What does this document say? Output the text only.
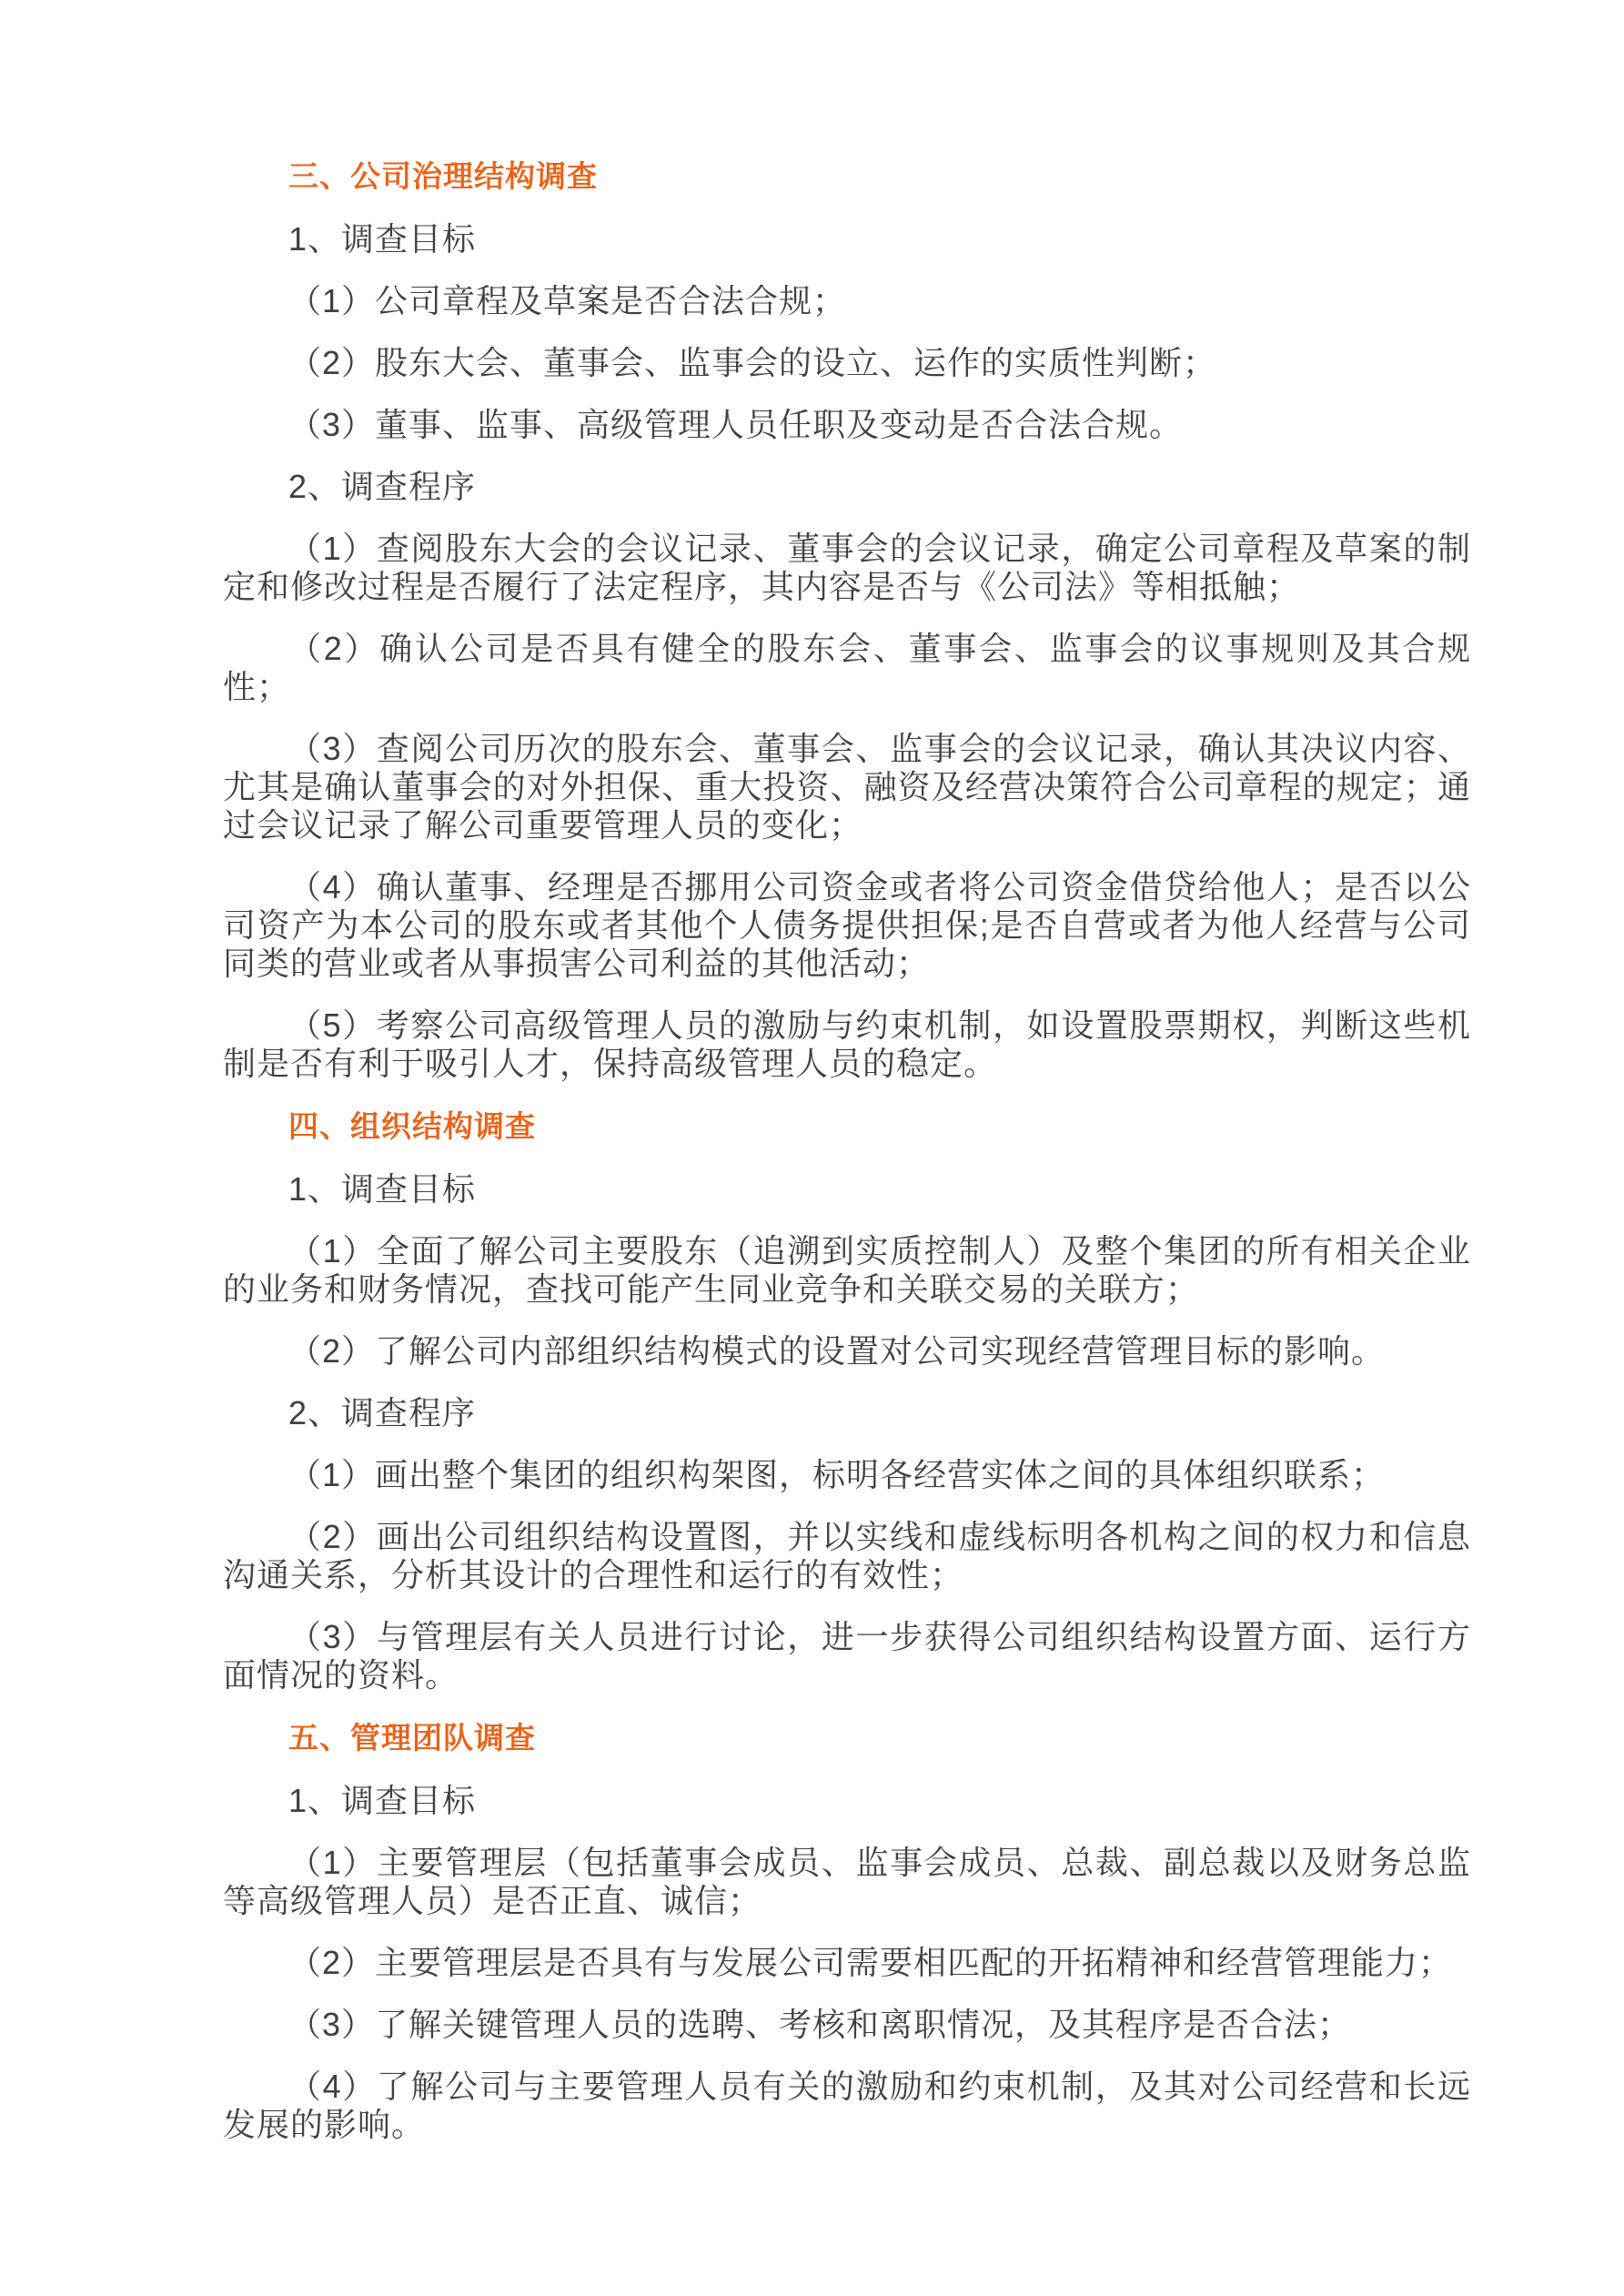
三、公司治理结构调查

1、调查目标

（1）公司章程及草案是否合法合规；

（2）股东大会、董事会、监事会的设立、运作的实质性判断；

（3）董事、监事、高级管理人员任职及变动是否合法合规。

2、调查程序

（1）查阅股东大会的会议记录、董事会的会议记录，确定公司章程及草案的制定和修改过程是否履行了法定程序，其内容是否与《公司法》等相抵触；

（2）确认公司是否具有健全的股东会、董事会、监事会的议事规则及其合规性；

（3）查阅公司历次的股东会、董事会、监事会的会议记录，确认其决议内容、尤其是确认董事会的对外担保、重大投资、融资及经营决策符合公司章程的规定；通过会议记录了解公司重要管理人员的变化；

（4）确认董事、经理是否挪用公司资金或者将公司资金借贷给他人；是否以公司资产为本公司的股东或者其他个人债务提供担保;是否自营或者为他人经营与公司同类的营业或者从事损害公司利益的其他活动；

（5）考察公司高级管理人员的激励与约束机制，如设置股票期权，判断这些机制是否有利于吸引人才，保持高级管理人员的稳定。

四、组织结构调查

1、调查目标

（1）全面了解公司主要股东（追溯到实质控制人）及整个集团的所有相关企业的业务和财务情况，查找可能产生同业竞争和关联交易的关联方；

（2）了解公司内部组织结构模式的设置对公司实现经营管理目标的影响。

2、调查程序

（1）画出整个集团的组织构架图，标明各经营实体之间的具体组织联系；

（2）画出公司组织结构设置图，并以实线和虚线标明各机构之间的权力和信息沟通关系，分析其设计的合理性和运行的有效性；

（3）与管理层有关人员进行讨论，进一步获得公司组织结构设置方面、运行方面情况的资料。

五、管理团队调查

1、调查目标

（1）主要管理层（包括董事会成员、监事会成员、总裁、副总裁以及财务总监等高级管理人员）是否正直、诚信；

（2）主要管理层是否具有与发展公司需要相匹配的开拓精神和经营管理能力；

（3）了解关键管理人员的选聘、考核和离职情况，及其程序是否合法；

（4）了解公司与主要管理人员有关的激励和约束机制，及其对公司经营和长远发展的影响。
